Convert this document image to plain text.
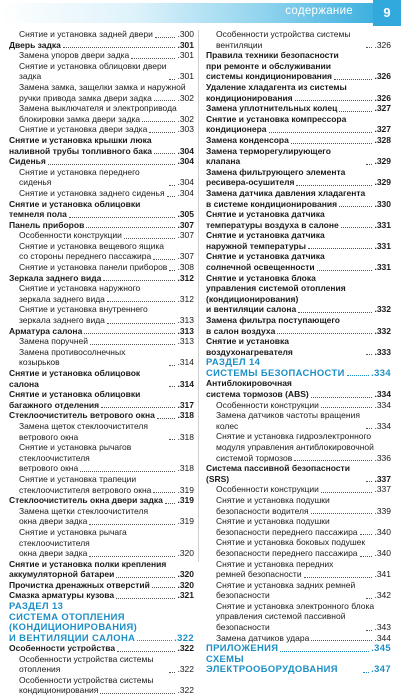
содержание	9
Снятие и установка задней двери	.300
Дверь задка	.301
Замена упоров двери задка	.301
Снятие и установка облицовки двери задка	.301
Замена замка, защелки замка и наружной
ручки привода замка двери задка	.302
Замена выключателя и электропривода
блокировки замка двери задка	.302
Снятие и установка двери задка	.303
Снятие и установка крышки люка
наливной трубы топливного бака	.304
Сиденья	.304
Снятие и установка переднего сиденья	.304
Снятие и установка заднего сиденья .304
Снятие и установка облицовки
темнеля пола	.305
Панель приборов	.307
Особенности конструкции	.307
Снятие и установка вещевого ящика
со стороны переднего пассажира	.307
Снятие и установка панели приборов .308
Зеркала заднего вида	.312
Снятие и установка наружного
зеркала заднего вида	.312
Снятие и установка внутреннего
зеркала заднего вида	.313
Арматура салона	.313
Замена поручней	.313
Замена противосолнечных козырьков	.314
Снятие и установка облицовок салона	.314
Снятие и установка облицовки
багажного отделения	.317
Стеклоочиститель ветрового окна	.318
Замена щеток стеклоочистителя ветрового окна	.318
Снятие и установка рычагов стеклоочистителя
ветрового окна	.318
Снятие и установка трапеции
стеклоочистителя ветрового окна	.319
Стеклоочиститель окна двери задка .319
Замена щетки стеклоочистителя
окна двери задка	.319
Снятие и установка рычага стеклоочистителя
окна двери задка	.320
Снятие и установка полки крепления
аккумуляторной батареи	.320
Прочистка дренажных отверстий	.320
Смазка арматуры кузова	.321
РАЗДЕЛ 13
СИСТЕМА ОТОПЛЕНИЯ
(КОНДИЦИОНИРОВАНИЯ)
И ВЕНТИЛЯЦИИ САЛОНА	.322
Особенности устройства	.322
Особенности устройства системы отопления	.322
Особенности устройства системы
кондиционирования	.322
Особенности устройства системы вентиляции	.326
Правила техники безопасности
при ремонте и обслуживании
системы кондиционирования	.326
Удаление хладагента из системы
кондиционирования	.326
Замена уплотнительных колец	.327
Снятие и установка компрессора
кондиционера	.327
Замена конденсора	.328
Замена терморегулирующего клапана	.329
Замена фильтрующего элемента
ресивера-осушителя	.329
Замена датчика давления хладагента
в системе кондиционирования	.330
Снятие и установка датчика
температуры воздуха в салоне	.331
Снятие и установка датчика
наружной температуры	.331
Снятие и установка датчика
солнечной освещенности	.331
Снятие и установка блока
управления системой отопления
(кондиционирования)
и вентиляции салона	.332
Замена фильтра поступающего
в салон воздуха	.332
Снятие и установка воздухонагревателя	.333
РАЗДЕЛ 14
СИСТЕМЫ БЕЗОПАСНОСТИ	.334
Антиблокировочная
система тормозов (ABS)	.334
Особенности конструкции	.334
Замена датчиков частоты вращения колес	.334
Снятие и установка гидроэлектронного
модуля управления антиблокировочной
системой тормозов	.336
Система пассивной безопасности (SRS)	.337
Особенности конструкции	.337
Снятие и установка подушки
безопасности водителя	.339
Снятие и установка подушки
безопасности переднего пассажира .340
Снятие и установка боковых подушек
безопасности переднего пассажира .340
Снятие и установка передних
ремней безопасности	.341
Снятие и установка задних ремней безопасности	.342
Снятие и установка электронного блока
управления системой пассивной безопасности	.343
Замена датчиков удара	.344
ПРИЛОЖЕНИЯ	.345
СХЕМЫ ЭЛЕКТРООБОРУДОВАНИЯ	.347
